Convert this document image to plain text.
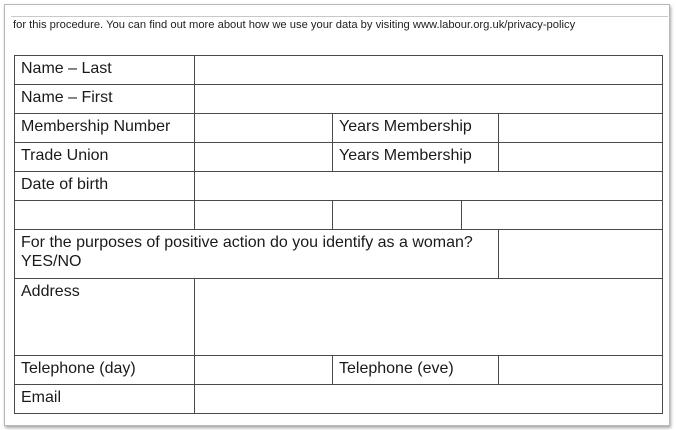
for this procedure. You can find out more about how we use your data by visiting www.labour.org.uk/privacy-policy
Name – Last				
Name – First				
Membership Number		Years Membership		
Trade Union		Years Membership		
Date of birth				

For the purposes of positive action do you identify as a woman? YES/NO				
Address				
Telephone (day)		Telephone (eve)		
Email				
